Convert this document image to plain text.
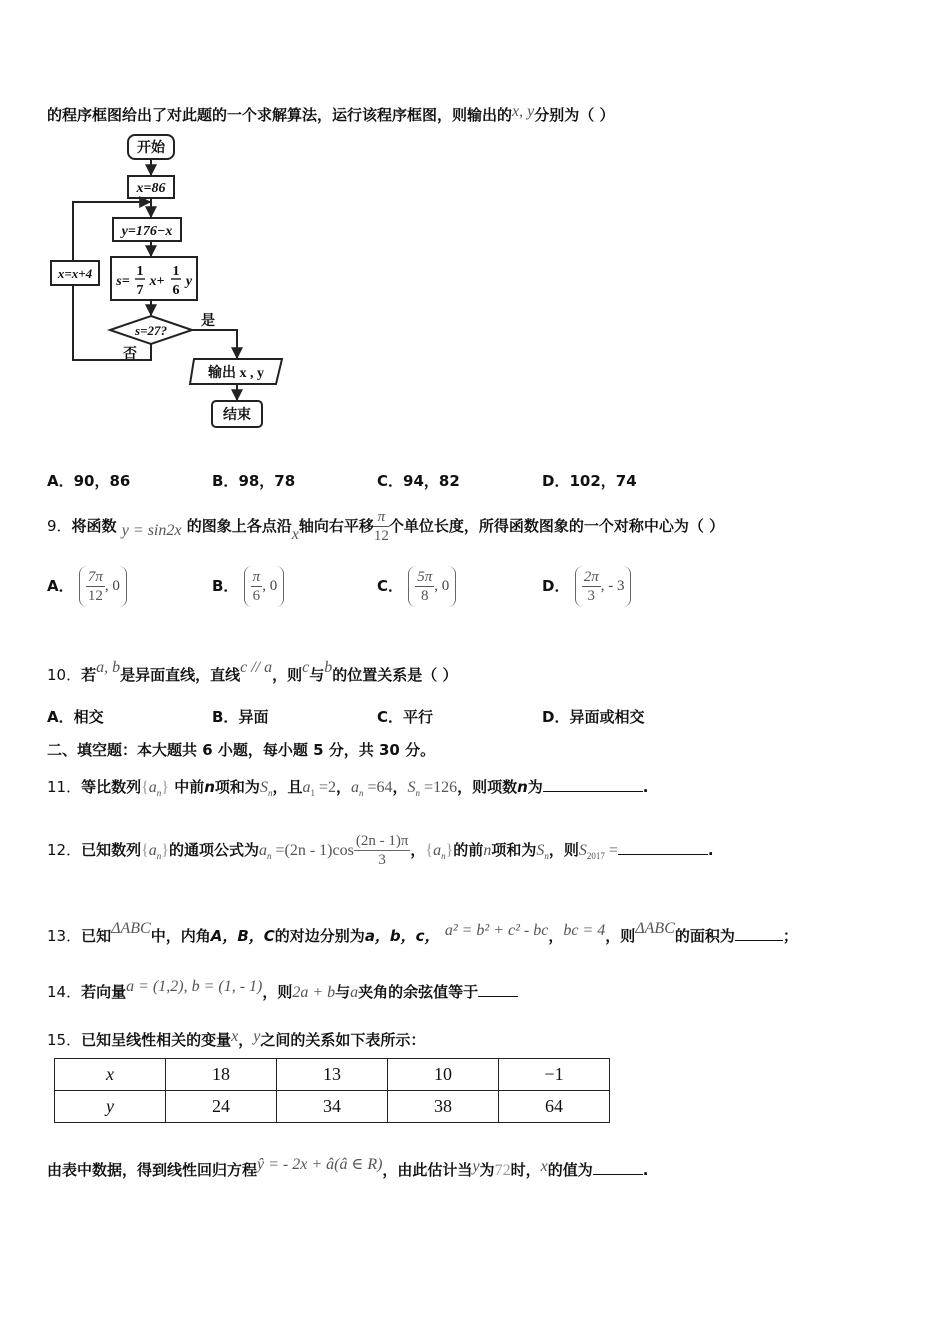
的程序框图给出了对此题的一个求解算法，运行该程序框图，则输出的x, y分别为（ ）
开始
x=86
y=176−x
s=
1
7
x+
1
6
y
s=27?
是
否
x=x+4
输出 x , y
结束
A．90，86	B．98，78	C．94，82	D．102，74
9．将函数 y = sin2x 的图象上各点沿x轴向右平移 $\frac{\pi}{12}$ 个单位长度，所得函数图象的一个对称中心为（ ）
A． $\frac{7\pi}{12}$ , 0	B． $\frac{\pi}{6}$ , 0	C． $\frac{5\pi}{8}$ , 0	D． $\frac{2\pi}{3}$ , - 3
10．若a, b是异面直线，直线c // a，则c与b的位置关系是（ ）
A．相交	B．异面	C．平行	D．异面或相交
二、填空题：本大题共 6 小题，每小题 5 分，共 30 分。
11．等比数列$\{a_n\}$ 中前n项和为$S_n$，且$a_1 =2$，$a_n =64$，$S_n =126$，则项数n为	.
12．已知数列$\{a_n\}$的通项公式为$a_n =(2n - 1)\cos \frac{(2n - 1)\pi}{3}$ ，$\{a_n\}$的前n项和为$S_n$，则$S_{2017}$ =	.
13．已知ΔABC中，内角A，B，C的对边分别为a，b，c， a² = b² + c² - bc，bc = 4，则ΔABC的面积为	；
14．若向量a = (1,2), b = (1, - 1)，则2a + b与a夹角的余弦值等于
15．已知呈线性相关的变量x，y之间的关系如下表所示：
x	18	13	10	−1
y	24	34	38	64
由表中数据，得到线性回归方程ŷ = - 2x + â(â ∈ R)，由此估计当y为72时，x的值为	.
